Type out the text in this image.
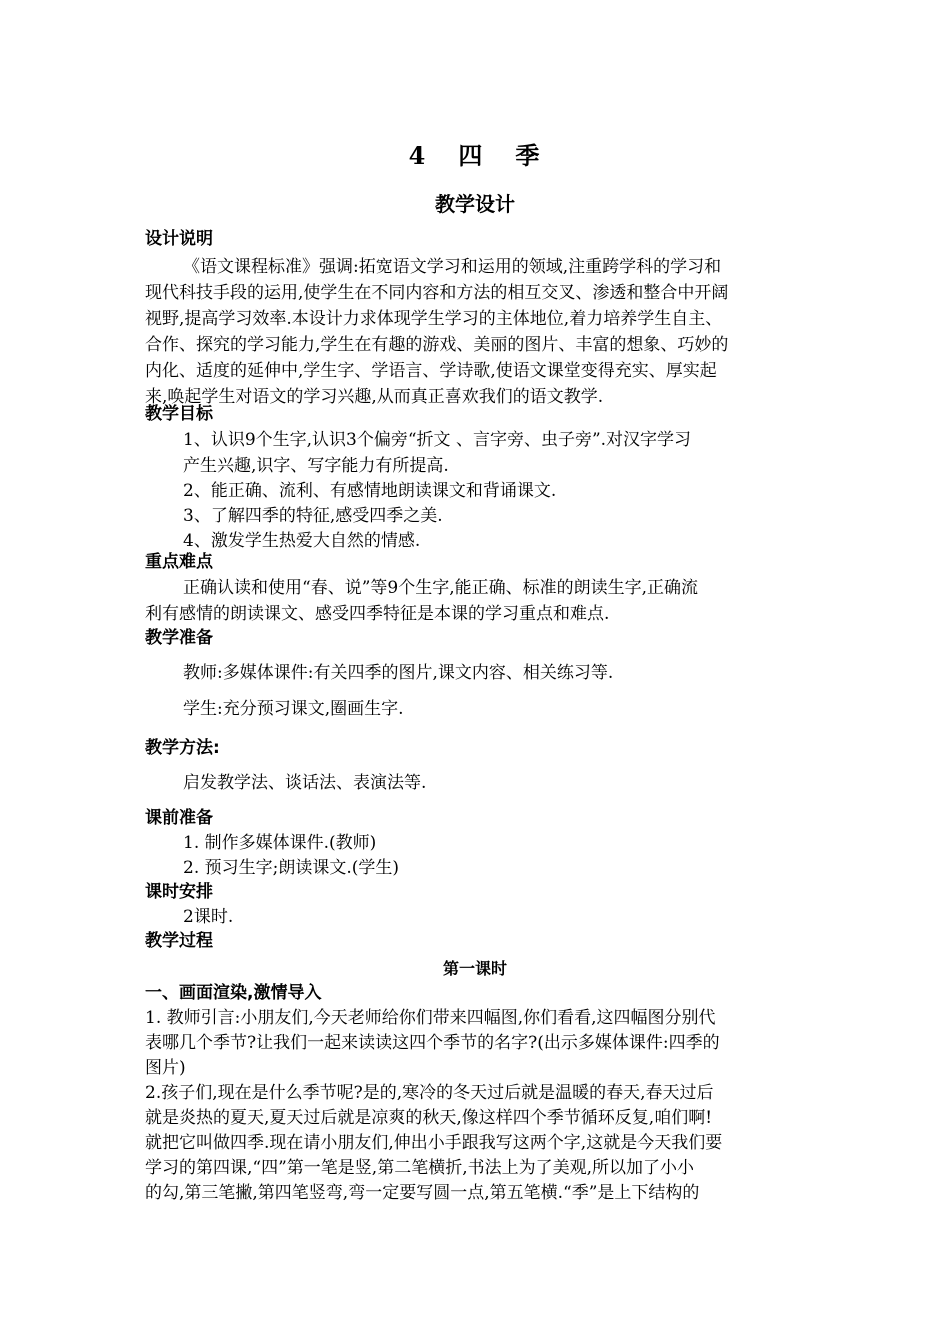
4   四   季
教学设计
设计说明
《语文课程标准》强调:拓宽语文学习和运用的领域,注重跨学科的学习和
现代科技手段的运用,使学生在不同内容和方法的相互交叉、渗透和整合中开阔
视野,提高学习效率.本设计力求体现学生学习的主体地位,着力培养学生自主、
合作、探究的学习能力,学生在有趣的游戏、美丽的图片、丰富的想象、巧妙的
内化、适度的延伸中,学生字、学语言、学诗歌,使语文课堂变得充实、厚实起
来,唤起学生对语文的学习兴趣,从而真正喜欢我们的语文教学.
教学目标
1、认识9个生字,认识3个偏旁“折文 、言字旁、虫子旁”.对汉字学习
产生兴趣,识字、写字能力有所提高.
2、能正确、流利、有感情地朗读课文和背诵课文.
3、了解四季的特征,感受四季之美.
4、激发学生热爱大自然的情感.
重点难点
正确认读和使用“春、说”等9个生字,能正确、标准的朗读生字,正确流
利有感情的朗读课文、感受四季特征是本课的学习重点和难点.
教学准备
教师:多媒体课件:有关四季的图片,课文内容、相关练习等.
学生:充分预习课文,圈画生字.
教学方法:
启发教学法、谈话法、表演法等.
课前准备
1. 制作多媒体课件.(教师)
2. 预习生字;朗读课文.(学生)
课时安排
2课时.
教学过程
第一课时
一、画面渲染,激情导入
1. 教师引言:小朋友们,今天老师给你们带来四幅图,你们看看,这四幅图分别代
表哪几个季节?让我们一起来读读这四个季节的名字?(出示多媒体课件:四季的
图片)
2.孩子们,现在是什么季节呢?是的,寒冷的冬天过后就是温暖的春天,春天过后
就是炎热的夏天,夏天过后就是凉爽的秋天,像这样四个季节循环反复,咱们啊!
就把它叫做四季.现在请小朋友们,伸出小手跟我写这两个字,这就是今天我们要
学习的第四课,“四”第一笔是竖,第二笔横折,书法上为了美观,所以加了小小
的勾,第三笔撇,第四笔竖弯,弯一定要写圆一点,第五笔横.“季”是上下结构的
